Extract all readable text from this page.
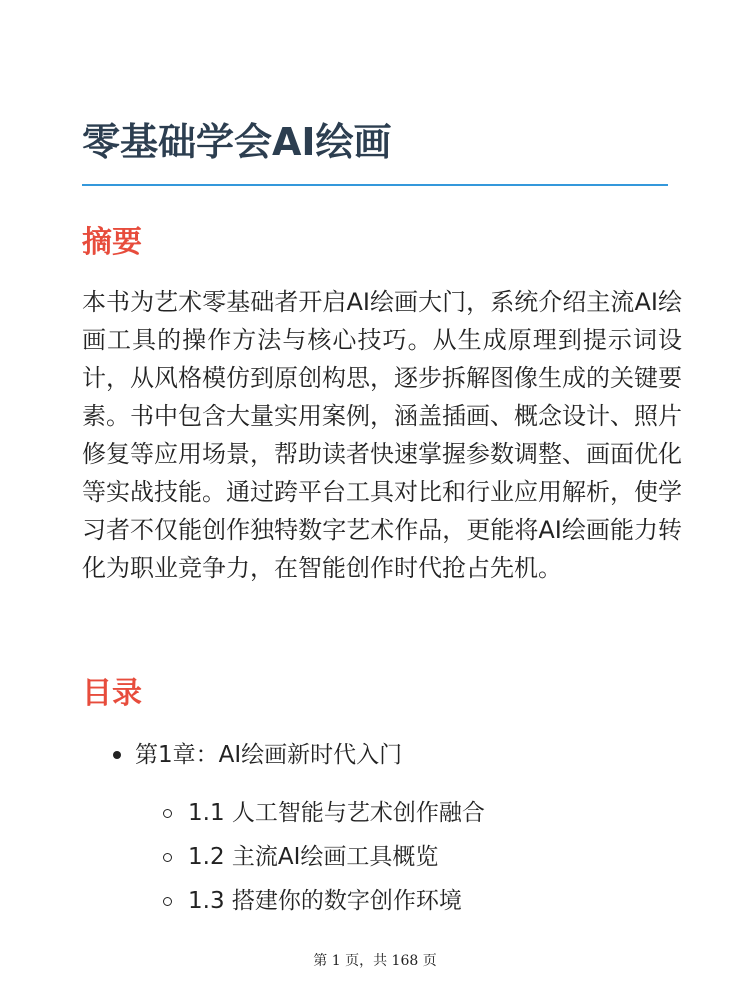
零基础学会AI绘画
摘要

本书为艺术零基础者开启AI绘画大门，系统介绍主流AI绘画工具的操作方法与核心技巧。从生成原理到提示词设计，从风格模仿到原创构思，逐步拆解图像生成的关键要素。书中包含大量实用案例，涵盖插画、概念设计、照片修复等应用场景，帮助读者快速掌握参数调整、画面优化等实战技能。通过跨平台工具对比和行业应用解析，使学习者不仅能创作独特数字艺术作品，更能将AI绘画能力转化为职业竞争力，在智能创作时代抢占先机。

目录
第1章：AI绘画新时代入门
1.1 人工智能与艺术创作融合
1.2 主流AI绘画工具概览
1.3 搭建你的数字创作环境
第 1 页，共 168 页
